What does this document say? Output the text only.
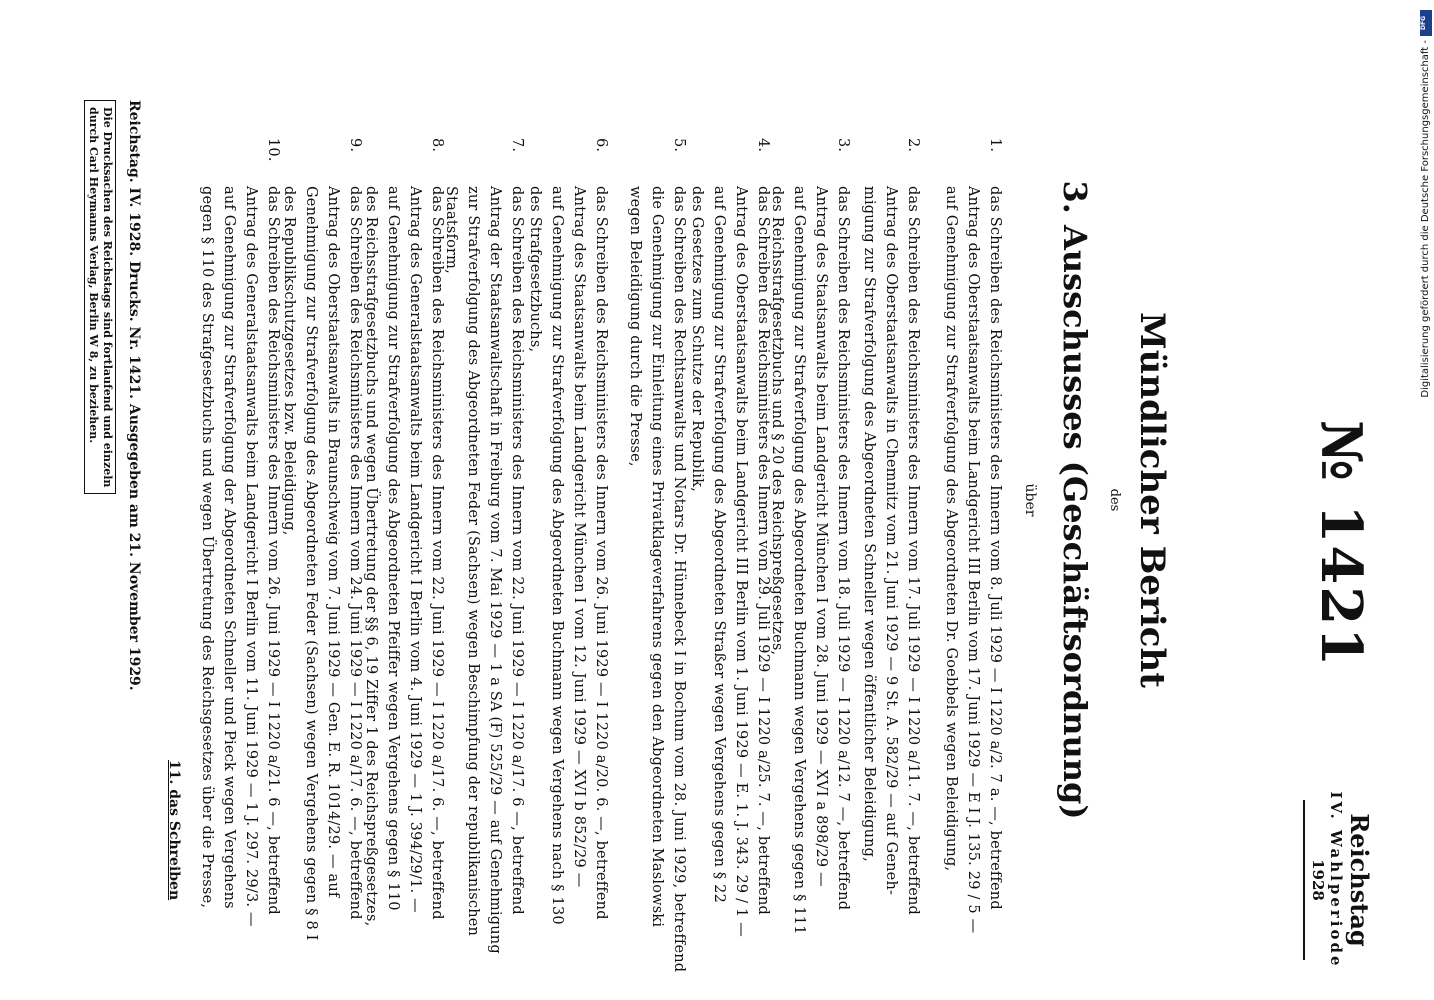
Reichstag
IV. Wahlperiode
1928
№ 1421
Mündlicher Bericht
des
3. Ausschusses (Geschäftsordnung)
über
1.
das Schreiben des Reichsministers des Innern vom 8. Juli 1929 — I 1220 a/2. 7 a. —, betreffend
Antrag des Oberstaatsanwalts beim Landgericht III Berlin vom 17. Juni 1929 — E I J. 135. 29 / 5 —
auf Genehmigung zur Strafverfolgung des Abgeordneten Dr. Goebbels wegen Beleidigung,
2.
das Schreiben des Reichsministers des Innern vom 17. Juli 1929 — I 1220 a/11. 7. —, betreffend
Antrag des Oberstaatsanwalts in Chemnitz vom 21. Juni 1929 — 9 St. A. 582/29 — auf Geneh-
migung zur Strafverfolgung des Abgeordneten Schneller wegen öffentlicher Beleidigung,
3.
das Schreiben des Reichsministers des Innern vom 18. Juli 1929 — I 1220 a/12. 7 —, betreffend
Antrag des Staatsanwalts beim Landgericht München I vom 28. Juni 1929 — XVI a 898/29 —
auf Genehmigung zur Strafverfolgung des Abgeordneten Buchmann wegen Vergehens gegen § 111
des Reichsstrafgesetzbuchs und § 20 des Reichspreßgesetzes,
4.
das Schreiben des Reichsministers des Innern vom 29. Juli 1929 — I 1220 a/25. 7. —, betreffend
Antrag des Oberstaatsanwalts beim Landgericht III Berlin vom 1. Juni 1929 — E. 1. J. 343. 29 / 1 —
auf Genehmigung zur Strafverfolgung des Abgeordneten Straßer wegen Vergehens gegen § 22
des Gesetzes zum Schutze der Republik,
5.
das Schreiben des Rechtsanwalts und Notars Dr. Hünnebeck I in Bochum vom 28. Juni 1929, betreffend
die Genehmigung zur Einleitung eines Privatklageverfahrens gegen den Abgeordneten Maslowski
wegen Beleidigung durch die Presse,
6.
das Schreiben des Reichsministers des Innern vom 26. Juni 1929 — I 1220 a/20. 6. —, betreffend
Antrag des Staatsanwalts beim Landgericht München I vom 12. Juni 1929 — XVI b 852/29 —
auf Genehmigung zur Strafverfolgung des Abgeordneten Buchmann wegen Vergehens nach § 130
des Strafgesetzbuchs,
7.
das Schreiben des Reichsministers des Innern vom 22. Juni 1929 — I 1220 a/17. 6 —, betreffend
Antrag der Staatsanwaltschaft in Freiburg vom 7. Mai 1929 — 1 a SA (F) 525/29 — auf Genehmigung
zur Strafverfolgung des Abgeordneten Feder (Sachsen) wegen Beschimpfung der republikanischen
Staatsform,
8.
das Schreiben des Reichsministers des Innern vom 22. Juni 1929 — I 1220 a/17. 6. —, betreffend
Antrag des Generalstaatsanwalts beim Landgericht I Berlin vom 4. Juni 1929 — 1 J. 394/29/1. —
auf Genehmigung zur Strafverfolgung des Abgeordneten Pfeiffer wegen Vergehens gegen § 110
des Reichsstrafgesetzbuchs und wegen Übertretung der §§ 6, 19 Ziffer 1 des Reichspreßgesetzes,
9.
das Schreiben des Reichsministers des Innern vom 24. Juni 1929 — I 1220 a/17. 6. —, betreffend
Antrag des Oberstaatsanwalts in Braunschweig vom 7. Juni 1929 — Gen. E. R. 1014/29. — auf
Genehmigung zur Strafverfolgung des Abgeordneten Feder (Sachsen) wegen Vergehens gegen § 8 I
des Republikschutzgesetzes bzw. Beleidigung,
10.
das Schreiben des Reichsministers des Innern vom 26. Juni 1929 — I 1220 a/21. 6 —, betreffend
Antrag des Generalstaatsanwalts beim Landgericht I Berlin vom 11. Juni 1929 — 1 J. 297. 29/3. —
auf Genehmigung zur Strafverfolgung der Abgeordneten Schneller und Pieck wegen Vergehens
gegen § 110 des Strafgesetzbuchs und wegen Übertretung des Reichsgesetzes über die Presse,
11. das Schreiben
Reichstag. IV. 1928. Drucks. Nr. 1421. Ausgegeben am 21. November 1929.
Die Drucksachen des Reichstags sind fortlaufend und einzeln
durch Carl Heymanns Verlag, Berlin W 8, zu beziehen.
DFG
Digitalisierung gefördert durch die Deutsche Forschungsgemeinschaft -
